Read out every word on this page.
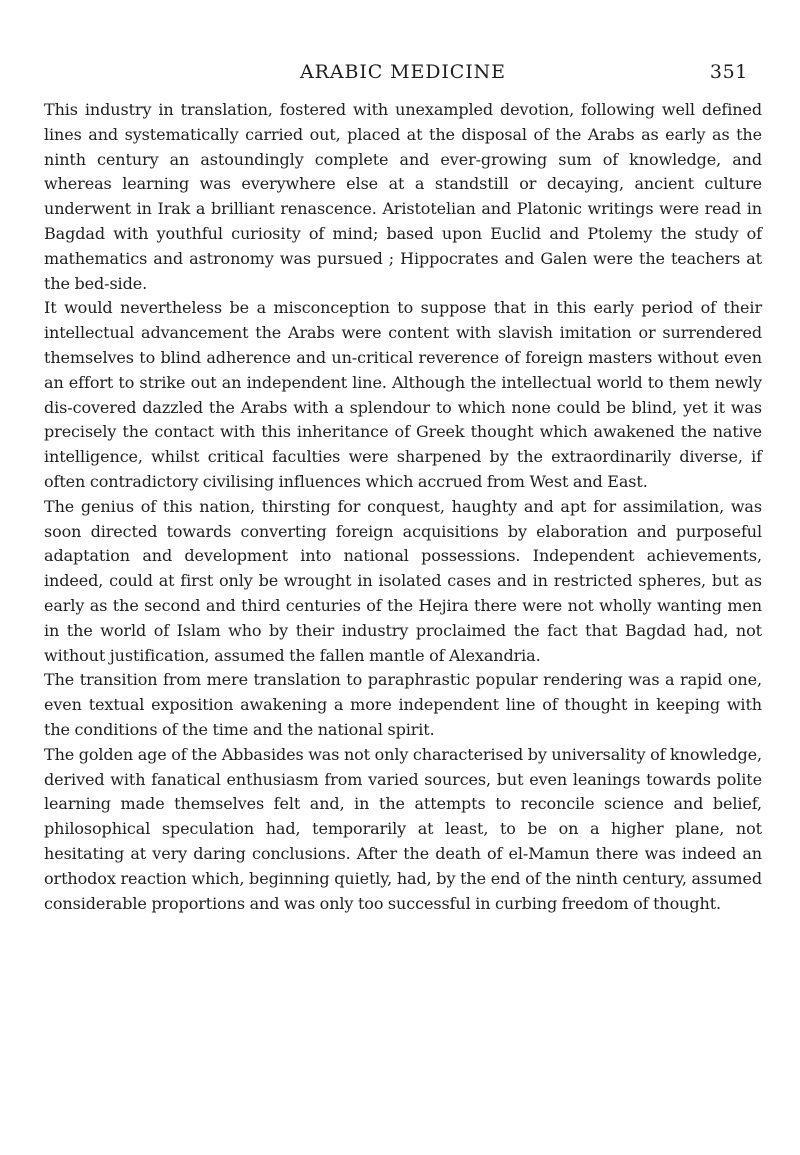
ARABIC MEDICINE	351

This industry in translation, fostered with unexampled devotion, following well defined lines and systematically carried out, placed at the disposal of the Arabs as early as the ninth century an astoundingly complete and ever-growing sum of knowledge, and whereas learning was everywhere else at a standstill or decaying, ancient culture underwent in Irak a brilliant renascence. Aristotelian and Platonic writings were read in Bagdad with youthful curiosity of mind; based upon Euclid and Ptolemy the study of mathematics and astronomy was pursued ; Hippocrates and Galen were the teachers at the bed-side.

It would nevertheless be a misconception to suppose that in this early period of their intellectual advancement the Arabs were content with slavish imitation or surrendered themselves to blind adherence and un-critical reverence of foreign masters without even an effort to strike out an independent line. Although the intellectual world to them newly dis-covered dazzled the Arabs with a splendour to which none could be blind, yet it was precisely the contact with this inheritance of Greek thought which awakened the native intelligence, whilst critical faculties were sharpened by the extraordinarily diverse, if often contradictory civilising influences which accrued from West and East.

The genius of this nation, thirsting for conquest, haughty and apt for assimilation, was soon directed towards converting foreign acquisitions by elaboration and purposeful adaptation and development into national possessions. Independent achievements, indeed, could at first only be wrought in isolated cases and in restricted spheres, but as early as the second and third centuries of the Hejira there were not wholly wanting men in the world of Islam who by their industry proclaimed the fact that Bagdad had, not without justification, assumed the fallen mantle of Alexandria.

The transition from mere translation to paraphrastic popular rendering was a rapid one, even textual exposition awakening a more independent line of thought in keeping with the conditions of the time and the national spirit.

The golden age of the Abbasides was not only characterised by universality of knowledge, derived with fanatical enthusiasm from varied sources, but even leanings towards polite learning made themselves felt and, in the attempts to reconcile science and belief, philosophical speculation had, temporarily at least, to be on a higher plane, not hesitating at very daring conclusions. After the death of el-Mamun there was indeed an orthodox reaction which, beginning quietly, had, by the end of the ninth century, assumed considerable proportions and was only too successful in curbing freedom of thought.
